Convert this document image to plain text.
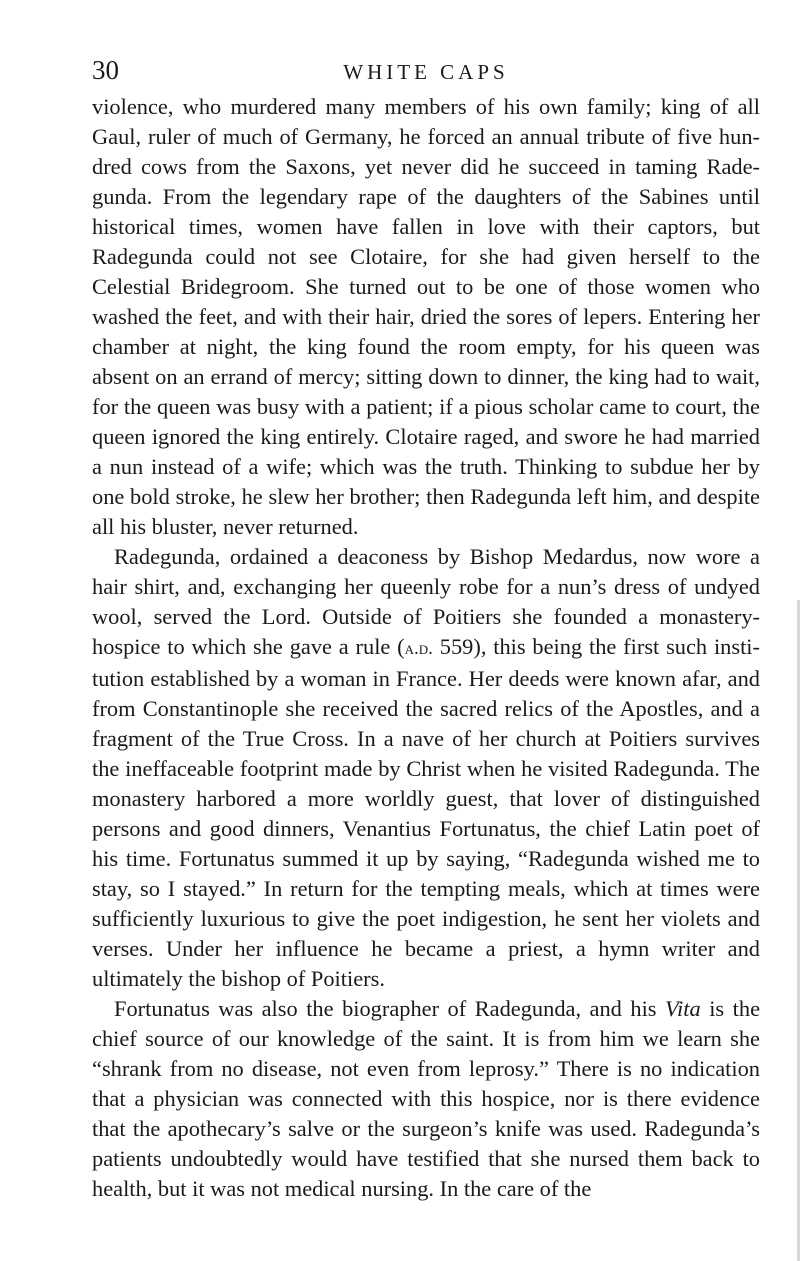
30	WHITE CAPS

violence, who murdered many members of his own family; king of all Gaul, ruler of much of Germany, he forced an annual tribute of five hundred cows from the Saxons, yet never did he succeed in taming Radegunda. From the legendary rape of the daughters of the Sabines until historical times, women have fallen in love with their captors, but Radegunda could not see Clotaire, for she had given herself to the Celestial Bridegroom. She turned out to be one of those women who washed the feet, and with their hair, dried the sores of lepers. Entering her chamber at night, the king found the room empty, for his queen was absent on an errand of mercy; sitting down to dinner, the king had to wait, for the queen was busy with a patient; if a pious scholar came to court, the queen ignored the king entirely. Clotaire raged, and swore he had married a nun instead of a wife; which was the truth. Thinking to subdue her by one bold stroke, he slew her brother; then Radegunda left him, and despite all his bluster, never returned.

Radegunda, ordained a deaconess by Bishop Medardus, now wore a hair shirt, and, exchanging her queenly robe for a nun’s dress of undyed wool, served the Lord. Outside of Poitiers she founded a monastery-hospice to which she gave a rule (a.d. 559), this being the first such institution established by a woman in France. Her deeds were known afar, and from Constantinople she received the sacred relics of the Apostles, and a fragment of the True Cross. In a nave of her church at Poitiers survives the ineffaceable footprint made by Christ when he visited Radegunda. The monastery harbored a more worldly guest, that lover of distinguished persons and good dinners, Venantius Fortunatus, the chief Latin poet of his time. Fortunatus summed it up by saying, “Radegunda wished me to stay, so I stayed.” In return for the tempting meals, which at times were sufficiently luxurious to give the poet indigestion, he sent her violets and verses. Under her influence he became a priest, a hymn writer and ultimately the bishop of Poitiers.

Fortunatus was also the biographer of Radegunda, and his Vita is the chief source of our knowledge of the saint. It is from him we learn she “shrank from no disease, not even from leprosy.” There is no indication that a physician was connected with this hospice, nor is there evidence that the apothecary’s salve or the surgeon’s knife was used. Radegunda’s patients undoubtedly would have testified that she nursed them back to health, but it was not medical nursing. In the care of the
